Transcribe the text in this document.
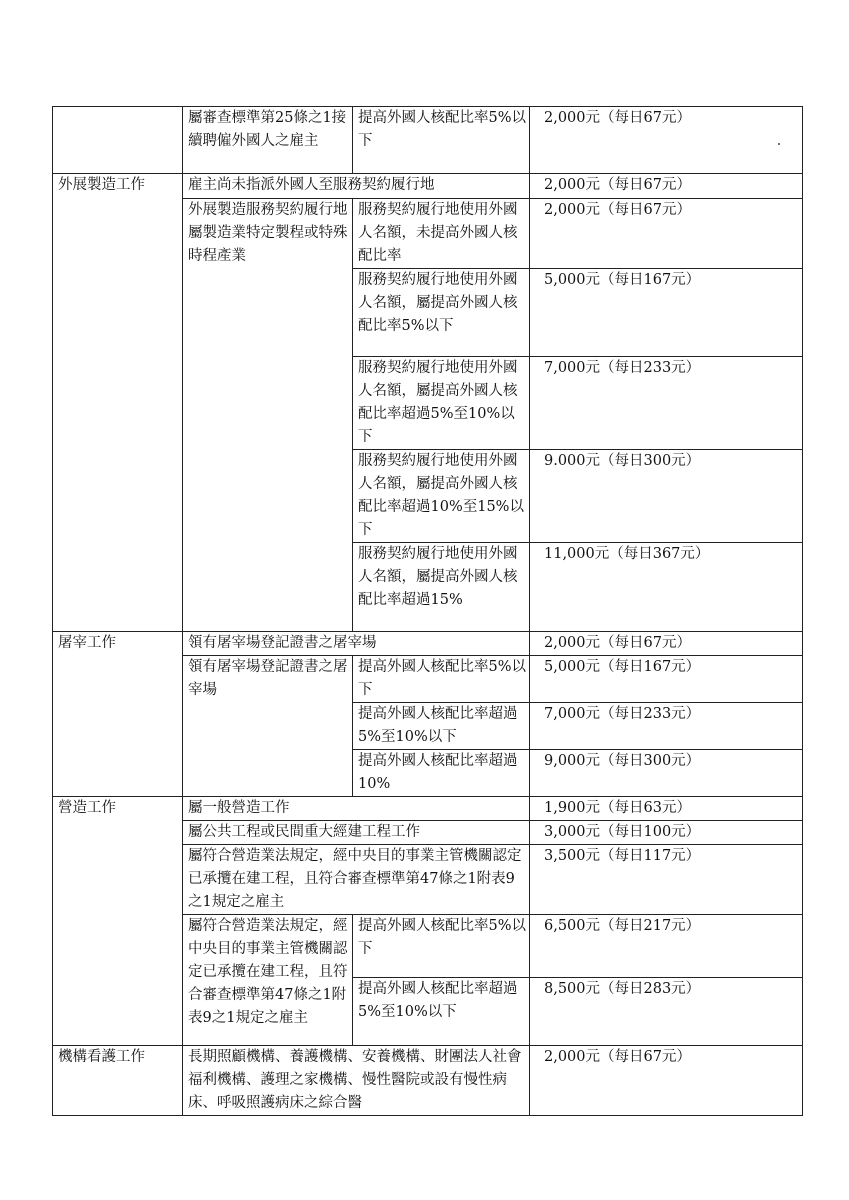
	屬審查標準第25條之1接續聘僱外國人之雇主	提高外國人核配比率5%以下	2,000元（每日67元）
外展製造工作	雇主尚未指派外國人至服務契約履行地		2,000元（每日67元）
	外展製造服務契約履行地屬製造業特定製程或特殊時程產業	服務契約履行地使用外國人名額，未提高外國人核配比率	2,000元（每日67元）
		服務契約履行地使用外國人名額，屬提高外國人核配比率5%以下	5,000元（每日167元）
		服務契約履行地使用外國人名額，屬提高外國人核配比率超過5%至10%以下	7,000元（每日233元）
		服務契約履行地使用外國人名額，屬提高外國人核配比率超過10%至15%以下	9.000元（每日300元）
		服務契約履行地使用外國人名額，屬提高外國人核配比率超過15%	11,000元（每日367元）
屠宰工作	領有屠宰場登記證書之屠宰場		2,000元（每日67元）
	領有屠宰場登記證書之屠宰場	提高外國人核配比率5%以下	5,000元（每日167元）
		提高外國人核配比率超過5%至10%以下	7,000元（每日233元）
		提高外國人核配比率超過10%	9,000元（每日300元）
營造工作	屬一般營造工作		1,900元（每日63元）
	屬公共工程或民間重大經建工程工作		3,000元（每日100元）
	屬符合營造業法規定，經中央目的事業主管機關認定已承攬在建工程，且符合審查標準第47條之1附表9之1規定之雇主		3,500元（每日117元）
	屬符合營造業法規定，經中央目的事業主管機關認定已承攬在建工程，且符合審查標準第47條之1附表9之1規定之雇主	提高外國人核配比率5%以下	6,500元（每日217元）
		提高外國人核配比率超過5%至10%以下	8,500元（每日283元）
機構看護工作	長期照顧機構、養護機構、安養機構、財團法人社會福利機構、護理之家機構、慢性醫院或設有慢性病床、呼吸照護病床之綜合醫		2,000元（每日67元）
